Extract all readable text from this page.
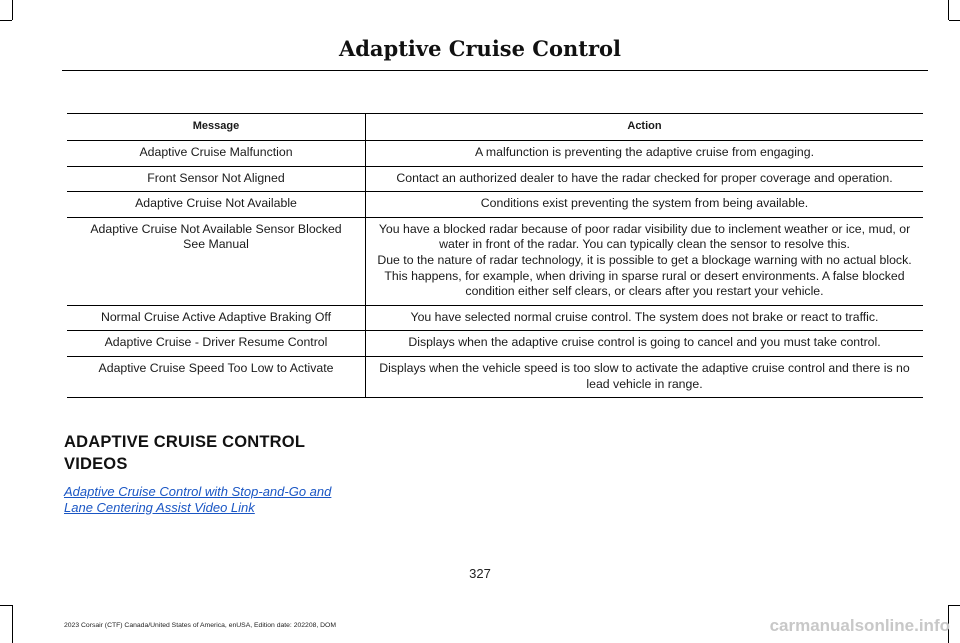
Adaptive Cruise Control
Message	Action
Adaptive Cruise Malfunction	A malfunction is preventing the adaptive cruise from engaging.

Front Sensor Not Aligned	Contact an authorized dealer to have the radar checked for proper coverage and operation.

Adaptive Cruise Not Available	Conditions exist preventing the system from being available.

Adaptive Cruise Not Available Sensor Blocked See Manual	You have a blocked radar because of poor radar visibility due to inclement weather or ice, mud, or water in front of the radar. You can typically clean the sensor to resolve this.
Due to the nature of radar technology, it is possible to get a blockage warning with no actual block. This happens, for example, when driving in sparse rural or desert environments. A false blocked condition either self clears, or clears after you restart your vehicle.

Normal Cruise Active Adaptive Braking Off	You have selected normal cruise control. The system does not brake or react to traffic.

Adaptive Cruise - Driver Resume Control	Displays when the adaptive cruise control is going to cancel and you must take control.

Adaptive Cruise Speed Too Low to Activate	Displays when the vehicle speed is too slow to activate the adaptive cruise control and there is no lead vehicle in range.
ADAPTIVE CRUISE CONTROL
VIDEOS
Adaptive Cruise Control with Stop-and-Go and Lane Centering Assist Video Link
327
2023 Corsair (CTF) Canada/United States of America, enUSA, Edition date: 202208, DOM	carmanualsonline.info
